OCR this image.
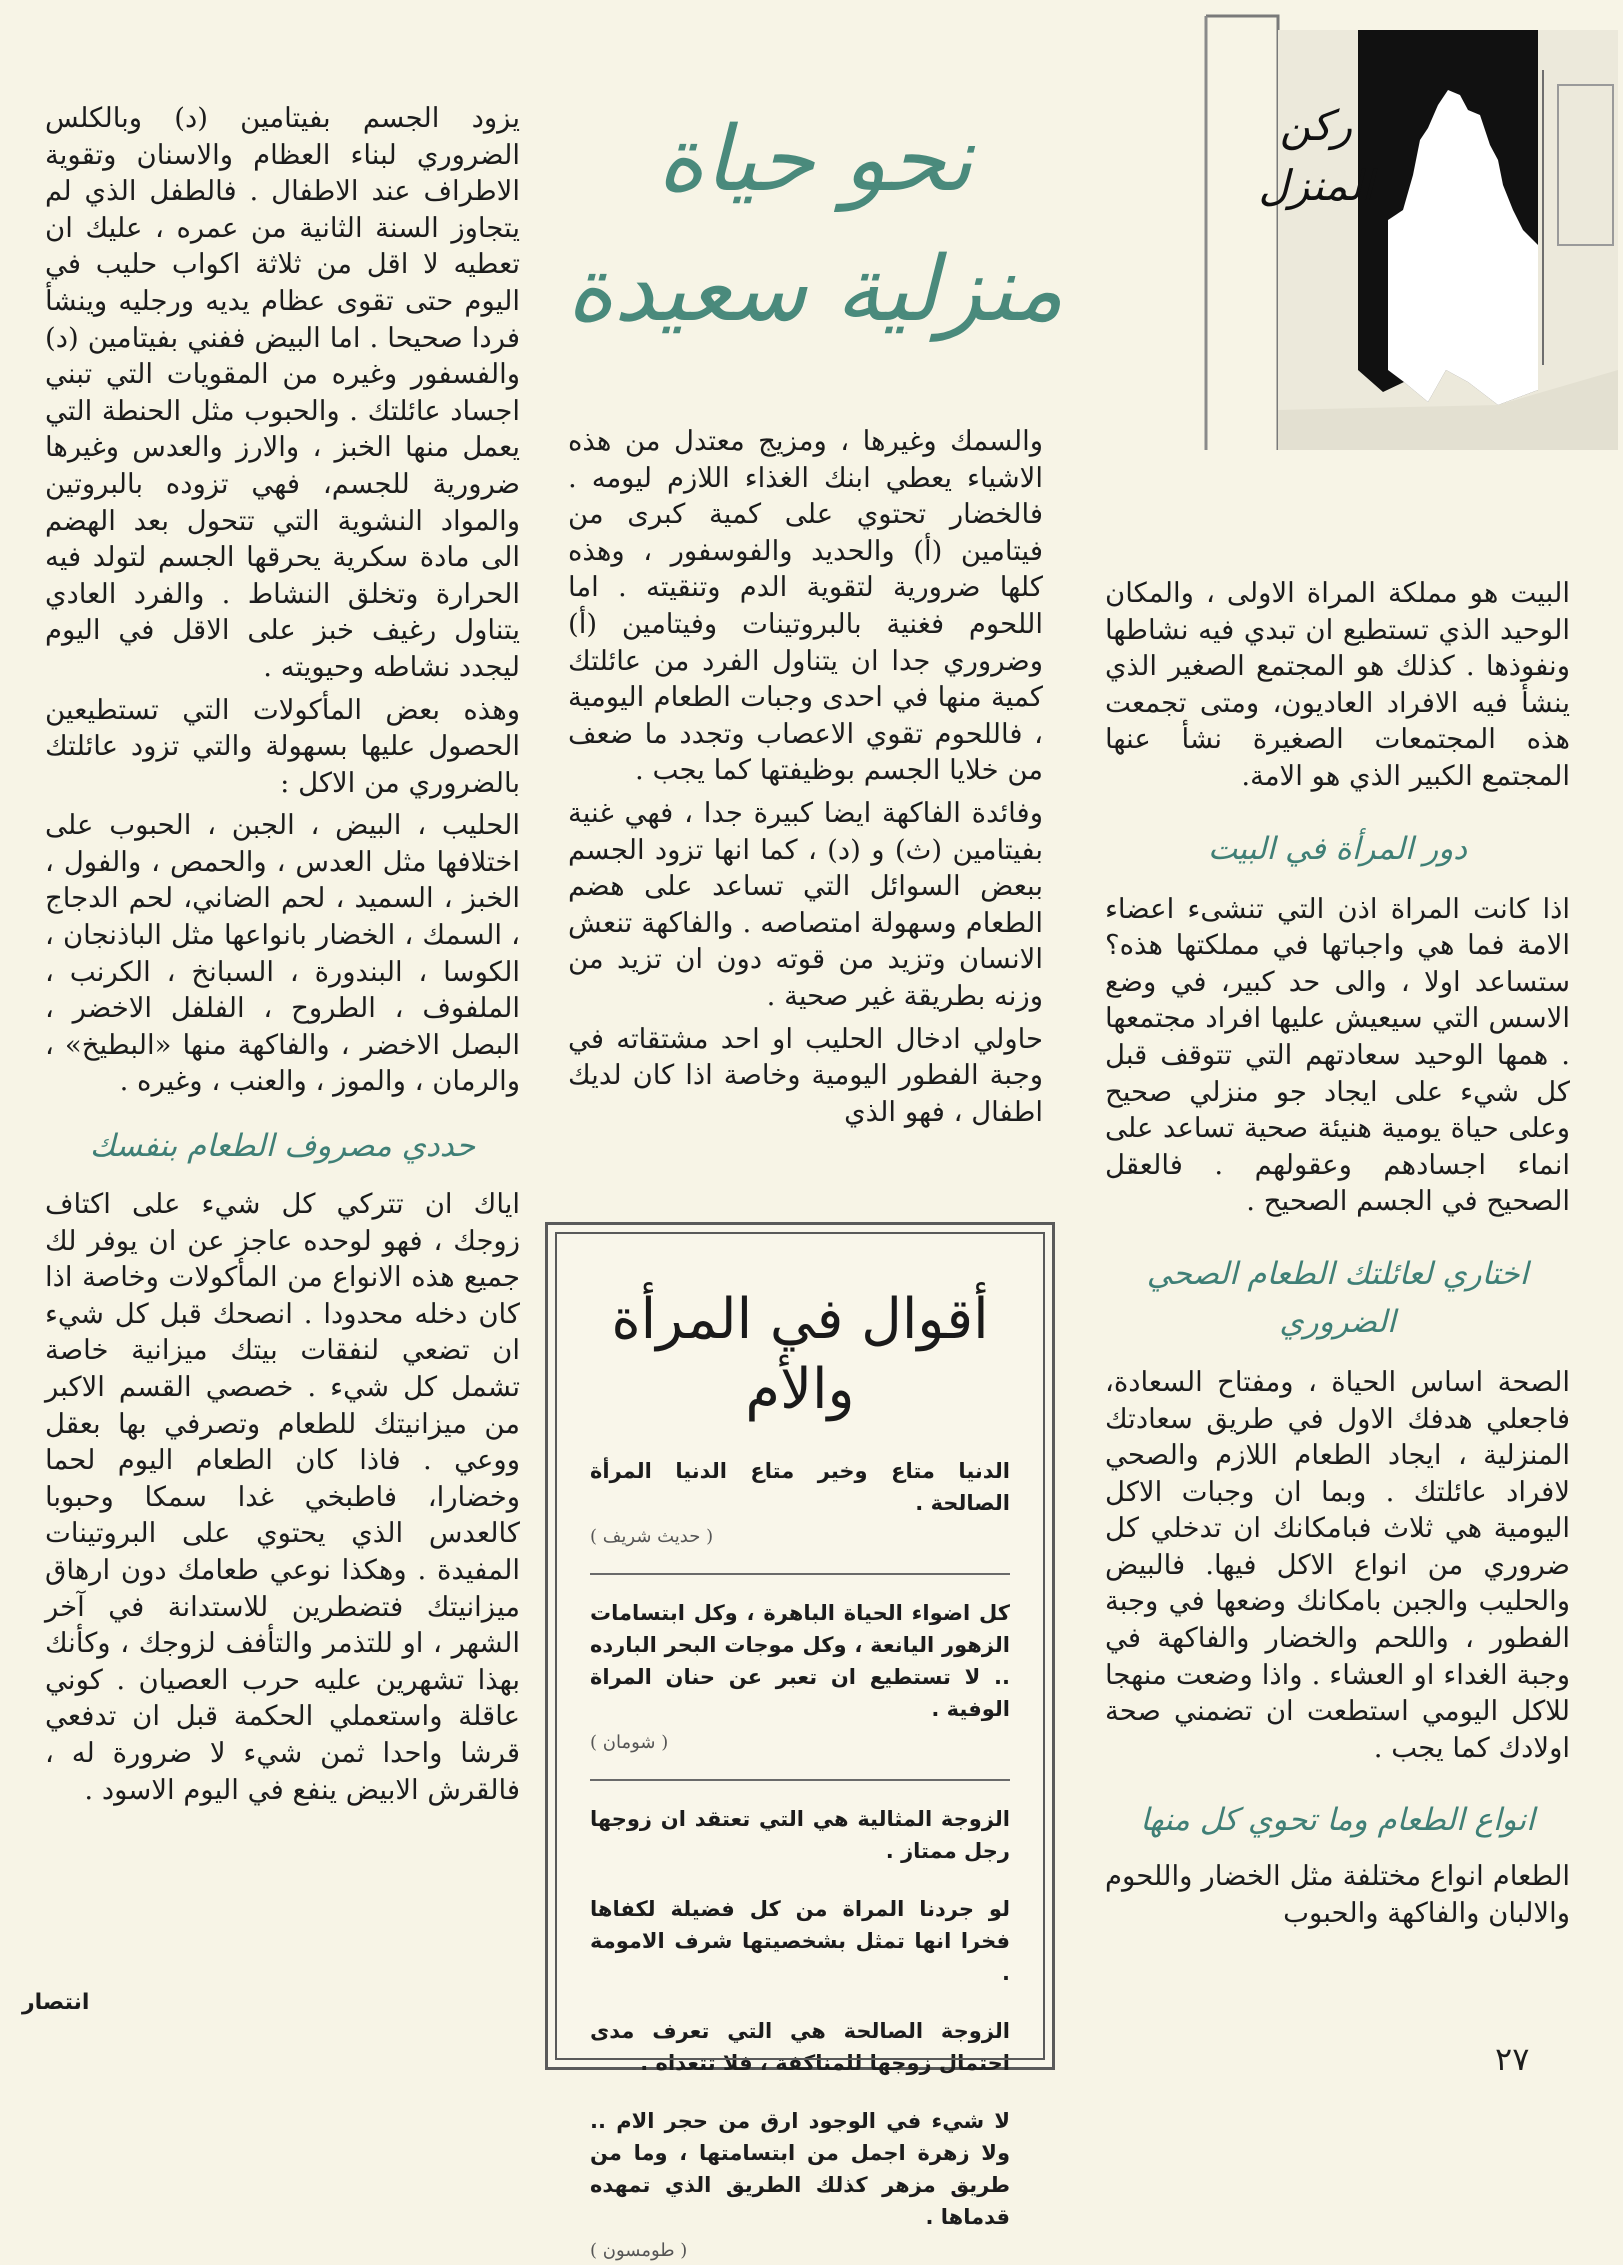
ركن
المنزل
نحو حياة
منزلية سعيدة

البيت هو مملكة المراة الاولى ، والمكان الوحيد الذي تستطيع ان تبدي فيه نشاطها ونفوذها . كذلك هو المجتمع الصغير الذي ينشأ فيه الافراد العاديون، ومتى تجمعت هذه المجتمعات الصغيرة نشأ عنها المجتمع الكبير الذي هو الامة.

دور المرأة في البيت

اذا كانت المراة اذن التي تنشىء اعضاء الامة فما هي واجباتها في مملكتها هذه؟ ستساعد اولا ، والى حد كبير، في وضع الاسس التي سيعيش عليها افراد مجتمعها . همها الوحيد سعادتهم التي تتوقف قبل كل شيء على ايجاد جو منزلي صحيح وعلى حياة يومية هنيئة صحية تساعد على انماء اجسادهم وعقولهم . فالعقل الصحيح في الجسم الصحيح .

اختاري لعائلتك الطعام الصحي الضروري

الصحة اساس الحياة ، ومفتاح السعادة، فاجعلي هدفك الاول في طريق سعادتك المنزلية ، ايجاد الطعام اللازم والصحي لافراد عائلتك . وبما ان وجبات الاكل اليومية هي ثلاث فبامكانك ان تدخلي كل ضروري من انواع الاكل فيها. فالبيض والحليب والجبن بامكانك وضعها في وجبة الفطور ، واللحم والخضار والفاكهة في وجبة الغداء او العشاء . واذا وضعت منهجا للاكل اليومي استطعت ان تضمني صحة اولادك كما يجب .

انواع الطعام وما تحوي كل منها

الطعام انواع مختلفة مثل الخضار واللحوم والالبان والفاكهة والحبوب

والسمك وغيرها ، ومزيج معتدل من هذه الاشياء يعطي ابنك الغذاء اللازم ليومه . فالخضار تحتوي على كمية كبرى من فيتامين (أ) والحديد والفوسفور ، وهذه كلها ضرورية لتقوية الدم وتنقيته . اما اللحوم فغنية بالبروتينات وفيتامين (أ) وضروري جدا ان يتناول الفرد من عائلتك كمية منها في احدى وجبات الطعام اليومية ، فاللحوم تقوي الاعصاب وتجدد ما ضعف من خلايا الجسم بوظيفتها كما يجب .

وفائدة الفاكهة ايضا كبيرة جدا ، فهي غنية بفيتامين (ث) و (د) ، كما انها تزود الجسم ببعض السوائل التي تساعد على هضم الطعام وسهولة امتصاصه . والفاكهة تنعش الانسان وتزيد من قوته دون ان تزيد من وزنه بطريقة غير صحية .

حاولي ادخال الحليب او احد مشتقاته في وجبة الفطور اليومية وخاصة اذا كان لديك اطفال ، فهو الذي

يزود الجسم بفيتامين (د) وبالكلس الضروري لبناء العظام والاسنان وتقوية الاطراف عند الاطفال . فالطفل الذي لم يتجاوز السنة الثانية من عمره ، عليك ان تعطيه لا اقل من ثلاثة اكواب حليب في اليوم حتى تقوى عظام يديه ورجليه وينشأ فردا صحيحا . اما البيض ففني بفيتامين (د) والفسفور وغيره من المقويات التي تبني اجساد عائلتك . والحبوب مثل الحنطة التي يعمل منها الخبز ، والارز والعدس وغيرها ضرورية للجسم، فهي تزوده بالبروتين والمواد النشوية التي تتحول بعد الهضم الى مادة سكرية يحرقها الجسم لتولد فيه الحرارة وتخلق النشاط . والفرد العادي يتناول رغيف خبز على الاقل في اليوم ليجدد نشاطه وحيويته .

وهذه بعض المأكولات التي تستطيعين الحصول عليها بسهولة والتي تزود عائلتك بالضروري من الاكل :

الحليب ، البيض ، الجبن ، الحبوب على اختلافها مثل العدس ، والحمص ، والفول ، الخبز ، السميد ، لحم الضاني، لحم الدجاج ، السمك ، الخضار بانواعها مثل الباذنجان ، الكوسا ، البندورة ، السبانخ ، الكرنب ، الملفوف ، الطروح ، الفلفل الاخضر ، البصل الاخضر ، والفاكهة منها «البطيخ» ، والرمان ، والموز ، والعنب ، وغيره .

حددي مصروف الطعام بنفسك

اياك ان تتركي كل شيء على اكتاف زوجك ، فهو لوحده عاجز عن ان يوفر لك جميع هذه الانواع من المأكولات وخاصة اذا كان دخله محدودا . انصحك قبل كل شيء ان تضعي لنفقات بيتك ميزانية خاصة تشمل كل شيء . خصصي القسم الاكبر من ميزانيتك للطعام وتصرفي بها بعقل ووعي . فاذا كان الطعام اليوم لحما وخضارا، فاطبخي غدا سمكا وحبوبا كالعدس الذي يحتوي على البروتينات المفيدة . وهكذا نوعي طعامك دون ارهاق ميزانيتك فتضطرين للاستدانة في آخر الشهر ، او للتذمر والتأفف لزوجك ، وكأنك بهذا تشهرين عليه حرب العصيان . كوني عاقلة واستعملي الحكمة قبل ان تدفعي قرشا واحدا ثمن شيء لا ضرورة له ، فالقرش الابيض ينفع في اليوم الاسود .

أقوال في المرأة والأم

الدنيا متاع وخير متاع الدنيا المرأة الصالحة .

( حديث شريف )

كل اضواء الحياة الباهرة ، وكل ابتسامات الزهور اليانعة ، وكل موجات البحر البارده .. لا تستطيع ان تعبر عن حنان المراة الوفية .

( شومان )

الزوجة المثالية هي التي تعتقد ان زوجها رجل ممتاز .

لو جردنا المراة من كل فضيلة لكفاها فخرا انها تمثل بشخصيتها شرف الامومة .

الزوجة الصالحة هي التي تعرف مدى احتمال زوجها للمناكفة ، فلا تتعداه .

لا شيء في الوجود ارق من حجر الام .. ولا زهرة اجمل من ابتسامتها ، وما من طريق مزهر كذلك الطريق الذي تمهده قدماها .

( طومسون )

انتصار
٢٧
